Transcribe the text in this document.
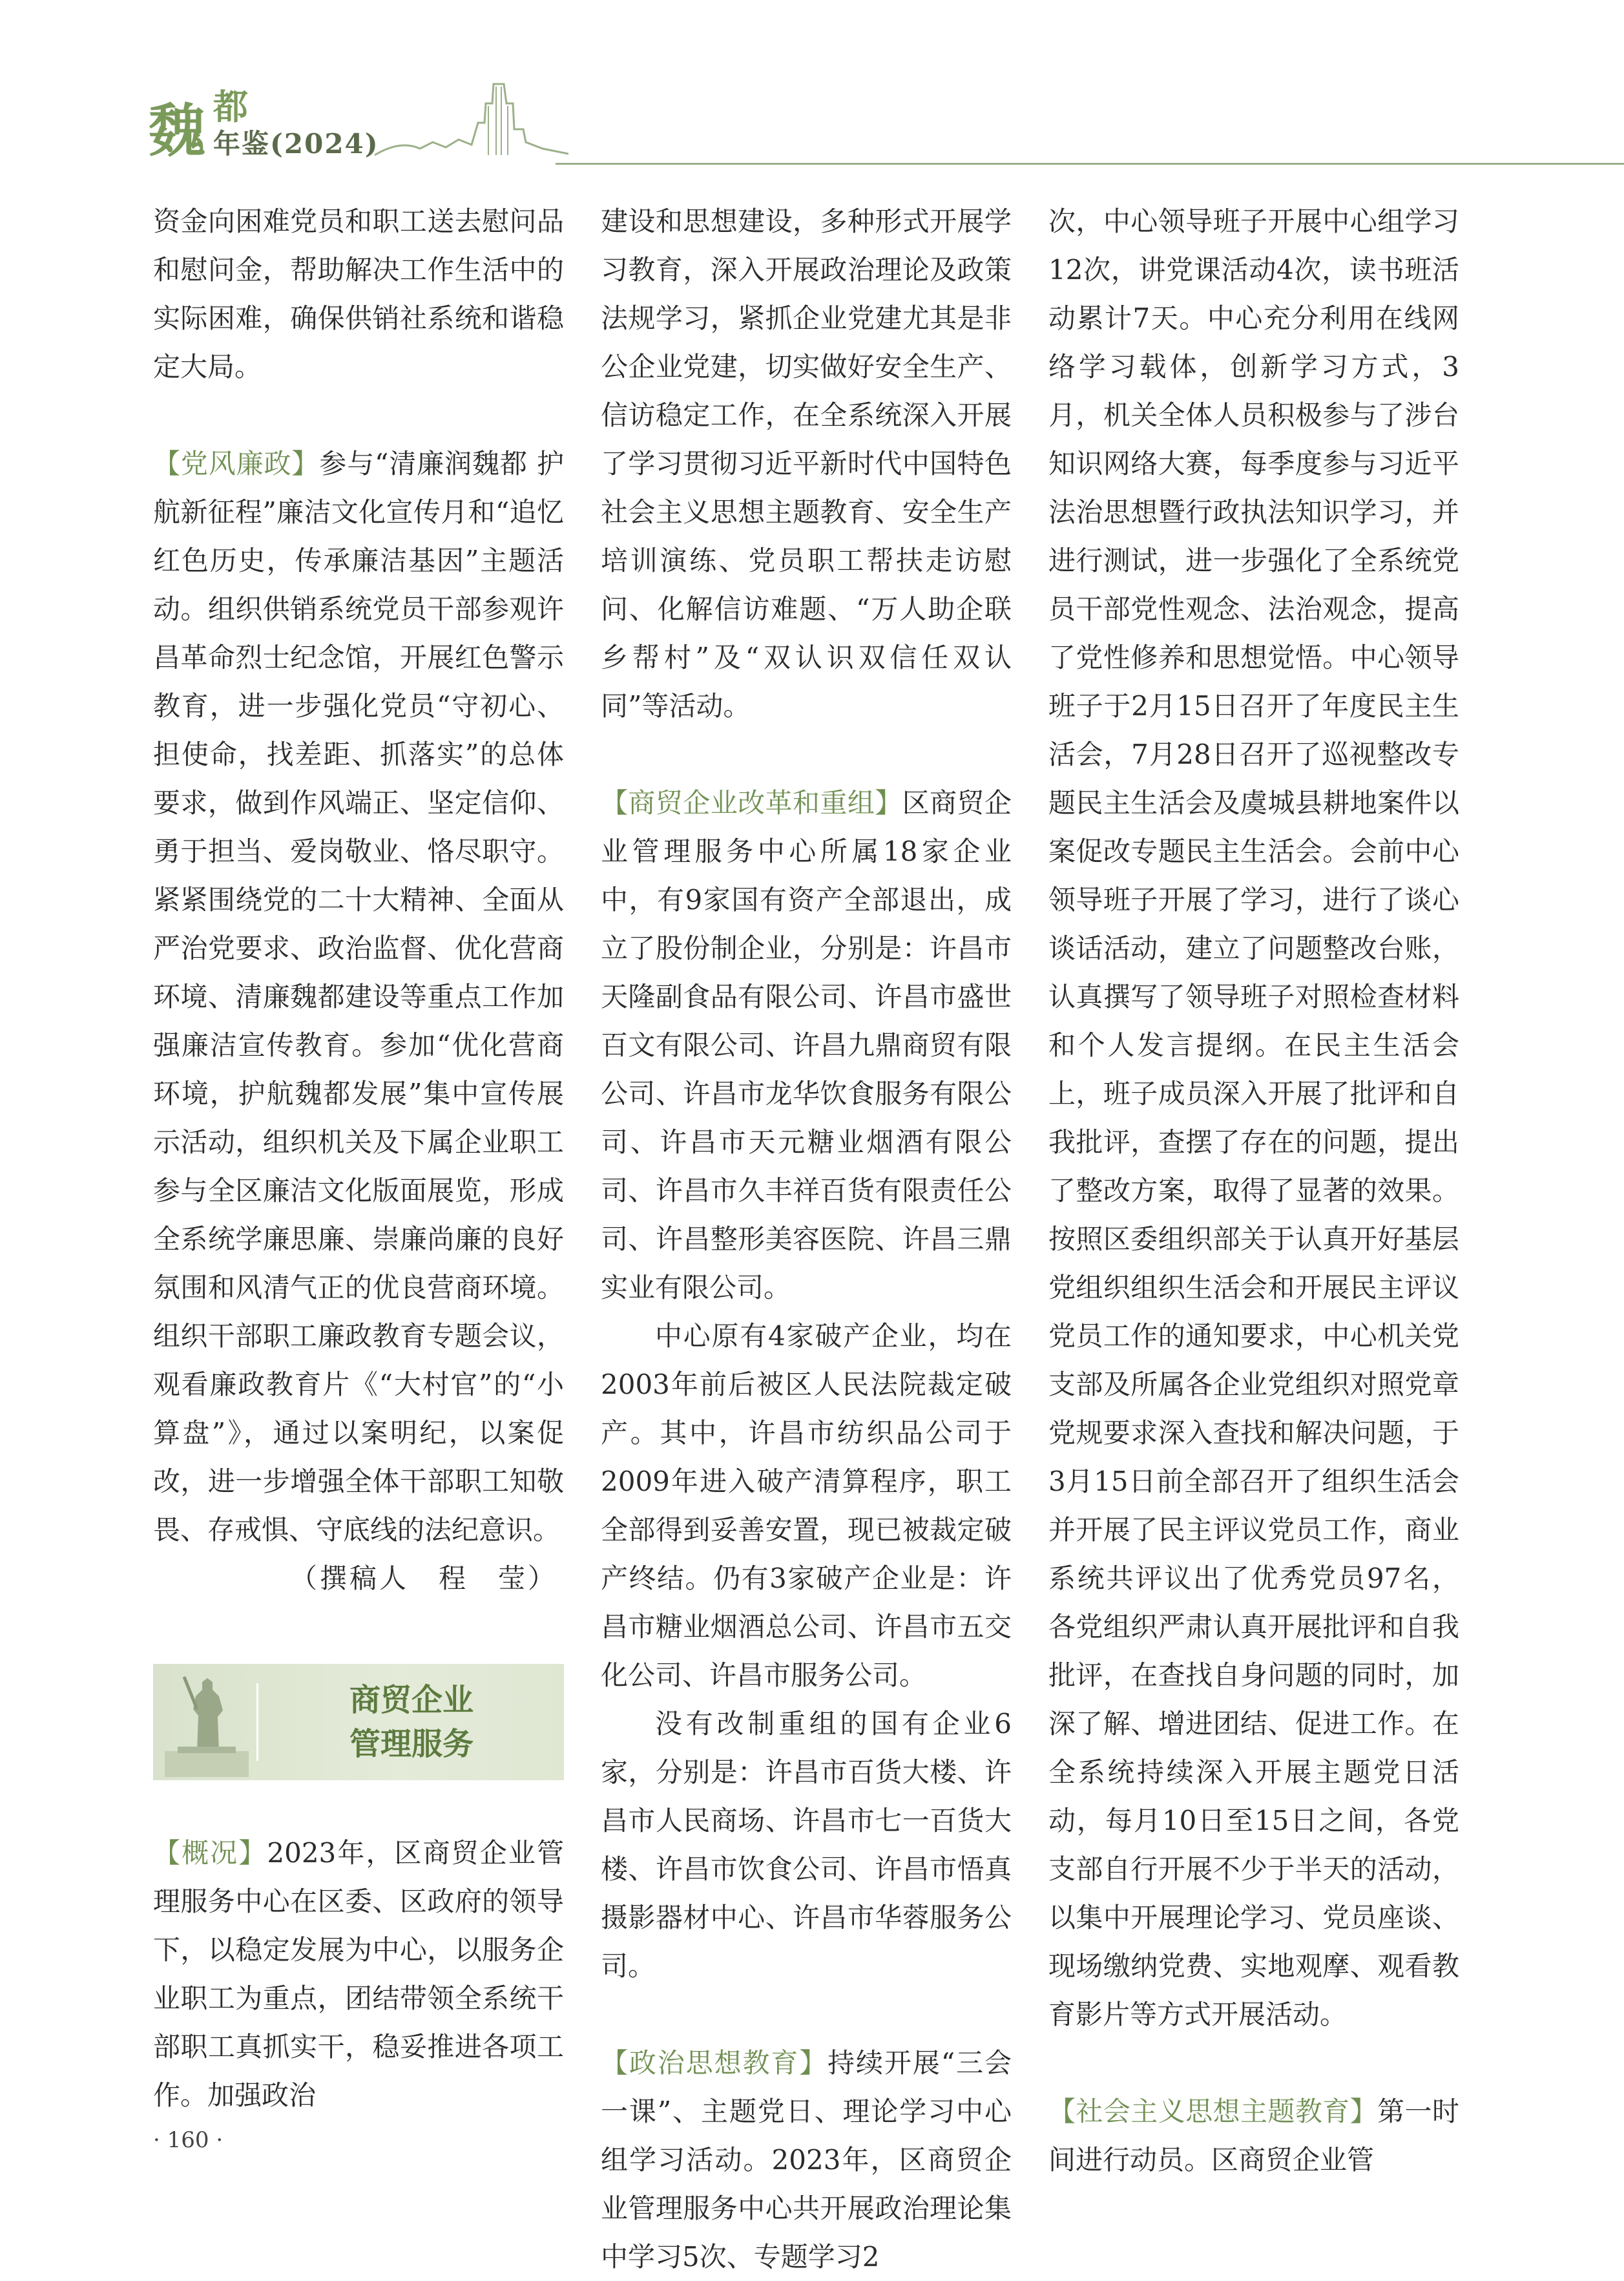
魏 都
年鉴(2024)

资金向困难党员和职工送去慰问品和慰问金，帮助解决工作生活中的实际困难，确保供销社系统和谐稳定大局。

【党风廉政】参与“清廉润魏都 护航新征程”廉洁文化宣传月和“追忆红色历史，传承廉洁基因”主题活动。组织供销系统党员干部参观许昌革命烈士纪念馆，开展红色警示教育，进一步强化党员“守初心、担使命，找差距、抓落实”的总体要求，做到作风端正、坚定信仰、勇于担当、爱岗敬业、恪尽职守。紧紧围绕党的二十大精神、全面从严治党要求、政治监督、优化营商环境、清廉魏都建设等重点工作加强廉洁宣传教育。参加“优化营商环境，护航魏都发展”集中宣传展示活动，组织机关及下属企业职工参与全区廉洁文化版面展览，形成全系统学廉思廉、崇廉尚廉的良好氛围和风清气正的优良营商环境。组织干部职工廉政教育专题会议，观看廉政教育片《“大村官”的“小算盘”》，通过以案明纪，以案促改，进一步增强全体干部职工知敬畏、存戒惧、守底线的法纪意识。

（撰稿人　程　莹）

商贸企业
管理服务

【概况】2023年，区商贸企业管理服务中心在区委、区政府的领导下，以稳定发展为中心，以服务企业职工为重点，团结带领全系统干部职工真抓实干，稳妥推进各项工作。加强政治

建设和思想建设，多种形式开展学习教育，深入开展政治理论及政策法规学习，紧抓企业党建尤其是非公企业党建，切实做好安全生产、信访稳定工作，在全系统深入开展了学习贯彻习近平新时代中国特色社会主义思想主题教育、安全生产培训演练、党员职工帮扶走访慰问、化解信访难题、“万人助企联乡帮村”及“双认识双信任双认同”等活动。

【商贸企业改革和重组】区商贸企业管理服务中心所属18家企业中，有9家国有资产全部退出，成立了股份制企业，分别是：许昌市天隆副食品有限公司、许昌市盛世百文有限公司、许昌九鼎商贸有限公司、许昌市龙华饮食服务有限公司、许昌市天元糖业烟酒有限公司、许昌市久丰祥百货有限责任公司、许昌整形美容医院、许昌三鼎实业有限公司。

中心原有4家破产企业，均在2003年前后被区人民法院裁定破产。其中，许昌市纺织品公司于2009年进入破产清算程序，职工全部得到妥善安置，现已被裁定破产终结。仍有3家破产企业是：许昌市糖业烟酒总公司、许昌市五交化公司、许昌市服务公司。

没有改制重组的国有企业6家，分别是：许昌市百货大楼、许昌市人民商场、许昌市七一百货大楼、许昌市饮食公司、许昌市悟真摄影器材中心、许昌市华蓉服务公司。

【政治思想教育】持续开展“三会一课”、主题党日、理论学习中心组学习活动。2023年，区商贸企业管理服务中心共开展政治理论集中学习5次、专题学习2

次，中心领导班子开展中心组学习12次，讲党课活动4次，读书班活动累计7天。中心充分利用在线网络学习载体，创新学习方式，3月，机关全体人员积极参与了涉台知识网络大赛，每季度参与习近平法治思想暨行政执法知识学习，并进行测试，进一步强化了全系统党员干部党性观念、法治观念，提高了党性修养和思想觉悟。中心领导班子于2月15日召开了年度民主生活会，7月28日召开了巡视整改专题民主生活会及虞城县耕地案件以案促改专题民主生活会。会前中心领导班子开展了学习，进行了谈心谈话活动，建立了问题整改台账，认真撰写了领导班子对照检查材料和个人发言提纲。在民主生活会上，班子成员深入开展了批评和自我批评，查摆了存在的问题，提出了整改方案，取得了显著的效果。按照区委组织部关于认真开好基层党组织组织生活会和开展民主评议党员工作的通知要求，中心机关党支部及所属各企业党组织对照党章党规要求深入查找和解决问题，于3月15日前全部召开了组织生活会并开展了民主评议党员工作，商业系统共评议出了优秀党员97名，各党组织严肃认真开展批评和自我批评，在查找自身问题的同时，加深了解、增进团结、促进工作。在全系统持续深入开展主题党日活动，每月10日至15日之间，各党支部自行开展不少于半天的活动，以集中开展理论学习、党员座谈、现场缴纳党费、实地观摩、观看教育影片等方式开展活动。

【社会主义思想主题教育】第一时间进行动员。区商贸企业管

· 160 ·
